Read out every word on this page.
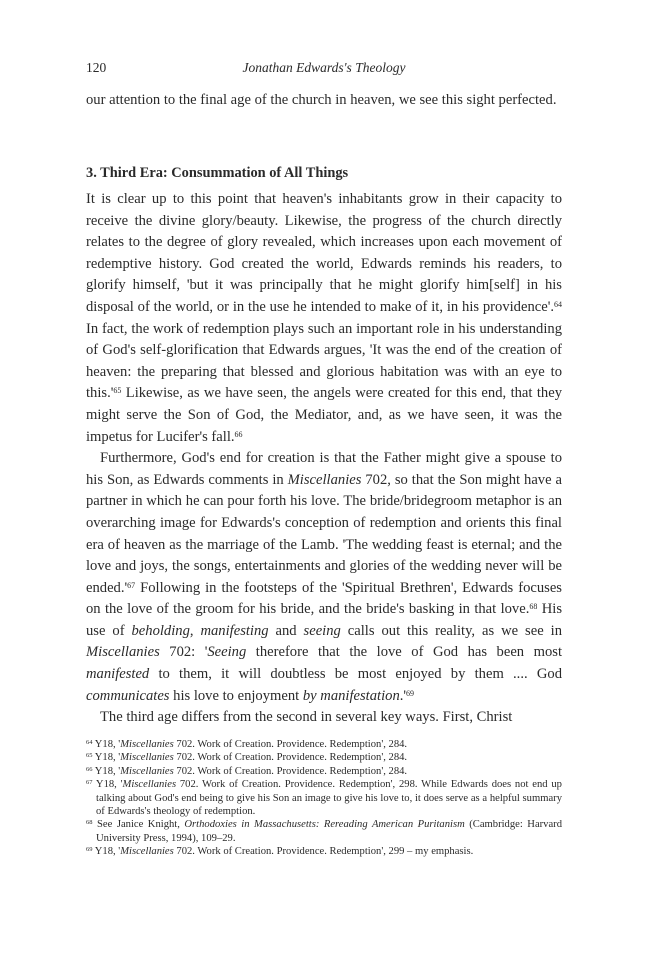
120	Jonathan Edwards's Theology

our attention to the final age of the church in heaven, we see this sight perfected.

3. Third Era: Consummation of All Things

It is clear up to this point that heaven's inhabitants grow in their capacity to receive the divine glory/beauty. Likewise, the progress of the church directly relates to the degree of glory revealed, which increases upon each movement of redemptive history. God created the world, Edwards reminds his readers, to glorify himself, 'but it was principally that he might glorify him[self] in his disposal of the world, or in the use he intended to make of it, in his providence'.$^{64}$ In fact, the work of redemption plays such an important role in his understanding of God's self-glorification that Edwards argues, 'It was the end of the creation of heaven: the preparing that blessed and glorious habitation was with an eye to $this.'^{65}$ Likewise, as we have seen, the angels were created for this end, that they might serve the Son of God, the Mediator, and, as we have seen, it was the impetus for Lucifer's fall.$^{66}$

Furthermore, God's end for creation is that the Father might give a spouse to his Son, as Edwards comments in Miscellanies 702, so that the Son might have a partner in which he can pour forth his love. The bride/bridegroom metaphor is an overarching image for Edwards's conception of redemption and orients this final era of heaven as the marriage of the Lamb. 'The wedding feast is eternal; and the love and joys, the songs, entertainments and glories of the wedding never will be $ended.'^{67}$ Following in the footsteps of the 'Spiritual Brethren', Edwards focuses on the love of the groom for his bride, and the bride's basking in that love.$^{68}$ His use of beholding, manifesting and seeing calls out this reality, as we see in Miscellanies 702: 'Seeing therefore that the love of God has been most manifested to them, it will doubtless be most enjoyed by them .... God communicates his love to enjoyment by $manifestation.'^{69}$

The third age differs from the second in several key ways. First, Christ

$^{64}$ Y18, 'Miscellanies 702. Work of Creation. Providence. Redemption', 284.

$^{65}$ Y18, 'Miscellanies 702. Work of Creation. Providence. Redemption', 284.

$^{66}$ Y18, 'Miscellanies 702. Work of Creation. Providence. Redemption', 284.

$^{67}$ Y18, 'Miscellanies 702. Work of Creation. Providence. Redemption', 298. While Edwards does not end up talking about God's end being to give his Son an image to give his love to, it does serve as a helpful summary of Edwards's theology of redemption.

$^{68}$ See Janice Knight, Orthodoxies in Massachusetts: Rereading American Puritanism (Cambridge: Harvard University Press, 1994), 109–29.

$^{69}$ Y18, 'Miscellanies 702. Work of Creation. Providence. Redemption', 299 – my emphasis.
